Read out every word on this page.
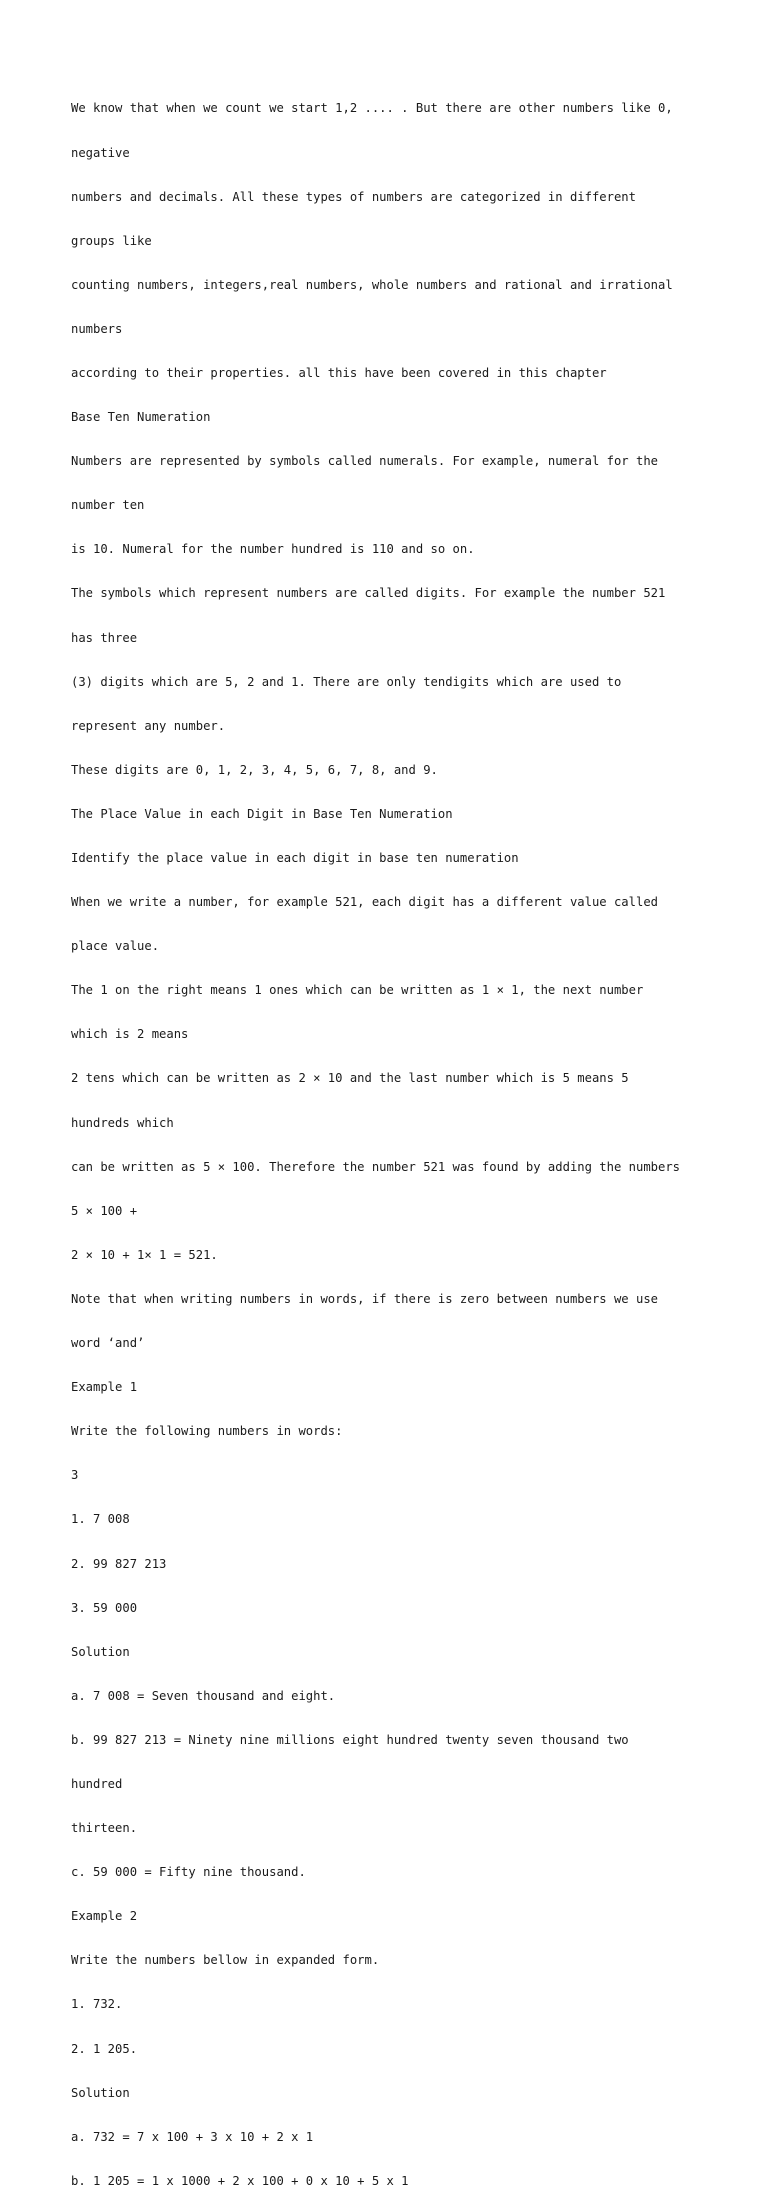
We know that when we count we start 1,2 .... . But there are other numbers like 0,

negative

numbers and decimals. All these types of numbers are categorized in different

groups like

counting numbers, integers,real numbers, whole numbers and rational and irrational

numbers

according to their properties. all this have been covered in this chapter

Base Ten Numeration

Numbers are represented by symbols called numerals. For example, numeral for the

number ten

is 10. Numeral for the number hundred is 110 and so on.

The symbols which represent numbers are called digits. For example the number 521

has three

(3) digits which are 5, 2 and 1. There are only tendigits which are used to

represent any number.

These digits are 0, 1, 2, 3, 4, 5, 6, 7, 8, and 9.

The Place Value in each Digit in Base Ten Numeration

Identify the place value in each digit in base ten numeration

When we write a number, for example 521, each digit has a different value called

place value.

The 1 on the right means 1 ones which can be written as 1 × 1, the next number

which is 2 means

2 tens which can be written as 2 × 10 and the last number which is 5 means 5

hundreds which

can be written as 5 × 100. Therefore the number 521 was found by adding the numbers

5 × 100 +

2 × 10 + 1× 1 = 521.

Note that when writing numbers in words, if there is zero between numbers we use

word ‘and’

Example 1

Write the following numbers in words:

3

1. 7 008

2. 99 827 213

3. 59 000

Solution

a. 7 008 = Seven thousand and eight.

b. 99 827 213 = Ninety nine millions eight hundred twenty seven thousand two

hundred

thirteen.

c. 59 000 = Fifty nine thousand.

Example 2

Write the numbers bellow in expanded form.

1. 732.

2. 1 205.

Solution

a. 732 = 7 x 100 + 3 x 10 + 2 x 1

b. 1 205 = 1 x 1000 + 2 x 100 + 0 x 10 + 5 x 1
